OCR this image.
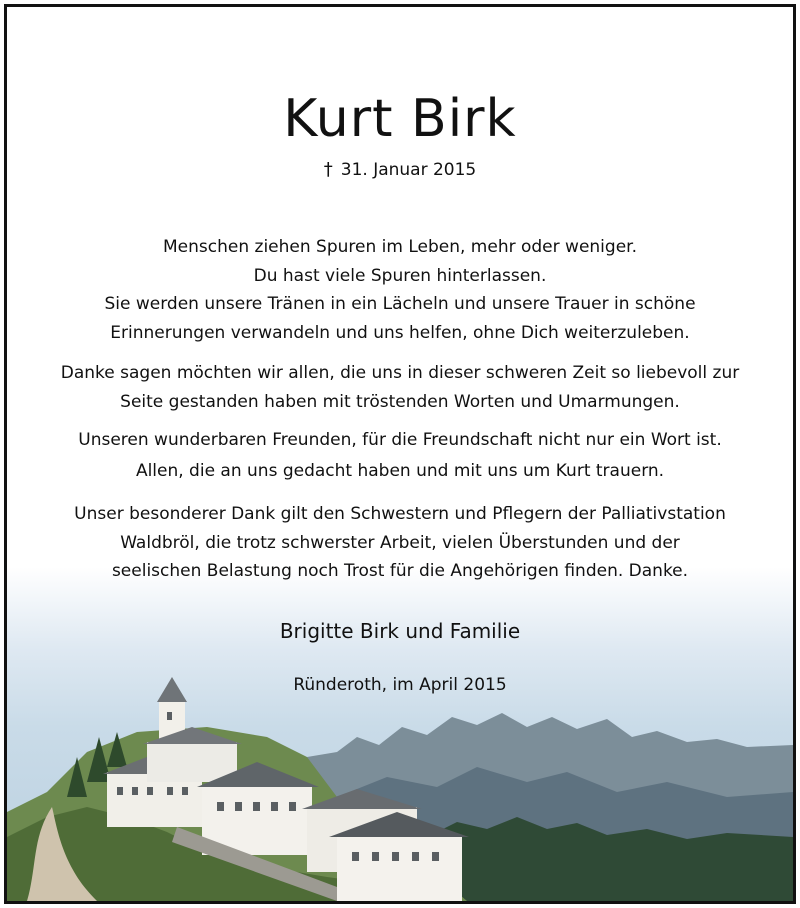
Kurt Birk
† 31. Januar 2015
Menschen ziehen Spuren im Leben, mehr oder weniger.
Du hast viele Spuren hinterlassen.
Sie werden unsere Tränen in ein Lächeln und unsere Trauer in schöne
Erinnerungen verwandeln und uns helfen, ohne Dich weiterzuleben.
Danke sagen möchten wir allen, die uns in dieser schweren Zeit so liebevoll zur
Seite gestanden haben mit tröstenden Worten und Umarmungen.
Unseren wunderbaren Freunden, für die Freundschaft nicht nur ein Wort ist.
Allen, die an uns gedacht haben und mit uns um Kurt trauern.
Unser besonderer Dank gilt den Schwestern und Pflegern der Palliativstation
Waldbröl, die trotz schwerster Arbeit, vielen Überstunden und der
seelischen Belastung noch Trost für die Angehörigen finden. Danke.
Brigitte Birk und Familie
Ründeroth, im April 2015
